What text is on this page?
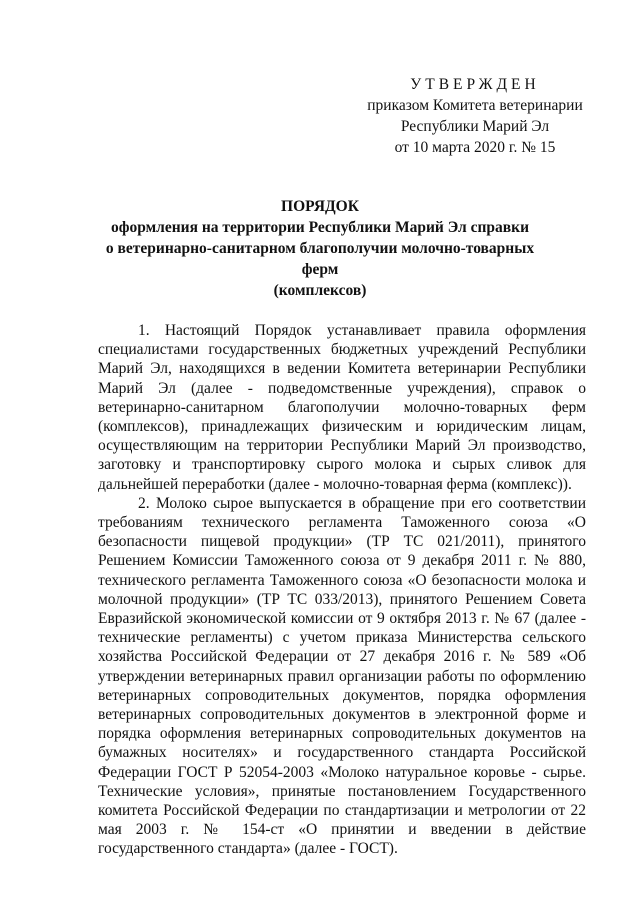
УТВЕРЖДЕН
приказом Комитета ветеринарии
Республики Марий Эл
от 10 марта 2020 г. № 15
ПОРЯДОК
оформления на территории Республики Марий Эл справки
о ветеринарно-санитарном благополучии молочно-товарных ферм
(комплексов)

1. Настоящий Порядок устанавливает правила оформления специалистами государственных бюджетных учреждений Республики Марий Эл, находящихся в ведении Комитета ветеринарии Республики Марий Эл (далее - подведомственные учреждения), справок о ветеринарно-санитарном благополучии молочно-товарных ферм (комплексов), принадлежащих физическим и юридическим лицам, осуществляющим на территории Республики Марий Эл производство, заготовку и транспортировку сырого молока и сырых сливок для дальнейшей переработки (далее - молочно-товарная ферма (комплекс)).

2. Молоко сырое выпускается в обращение при его соответствии требованиям технического регламента Таможенного союза «О безопасности пищевой продукции» (ТР ТС 021/2011), принятого Решением Комиссии Таможенного союза от 9 декабря 2011 г. № 880, технического регламента Таможенного союза «О безопасности молока и молочной продукции» (ТР ТС 033/2013), принятого Решением Совета Евразийской экономической комиссии от 9 октября 2013 г. № 67 (далее - технические регламенты) с учетом приказа Министерства сельского хозяйства Российской Федерации от 27 декабря 2016 г. № 589 «Об утверждении ветеринарных правил организации работы по оформлению ветеринарных сопроводительных документов, порядка оформления ветеринарных сопроводительных документов в электронной форме и порядка оформления ветеринарных сопроводительных документов на бумажных носителях» и государственного стандарта Российской Федерации ГОСТ Р 52054-2003 «Молоко натуральное коровье - сырье. Технические условия», принятые постановлением Государственного комитета Российской Федерации по стандартизации и метрологии от 22 мая 2003 г. № 154-ст «О принятии и введении в действие государственного стандарта» (далее - ГОСТ).
